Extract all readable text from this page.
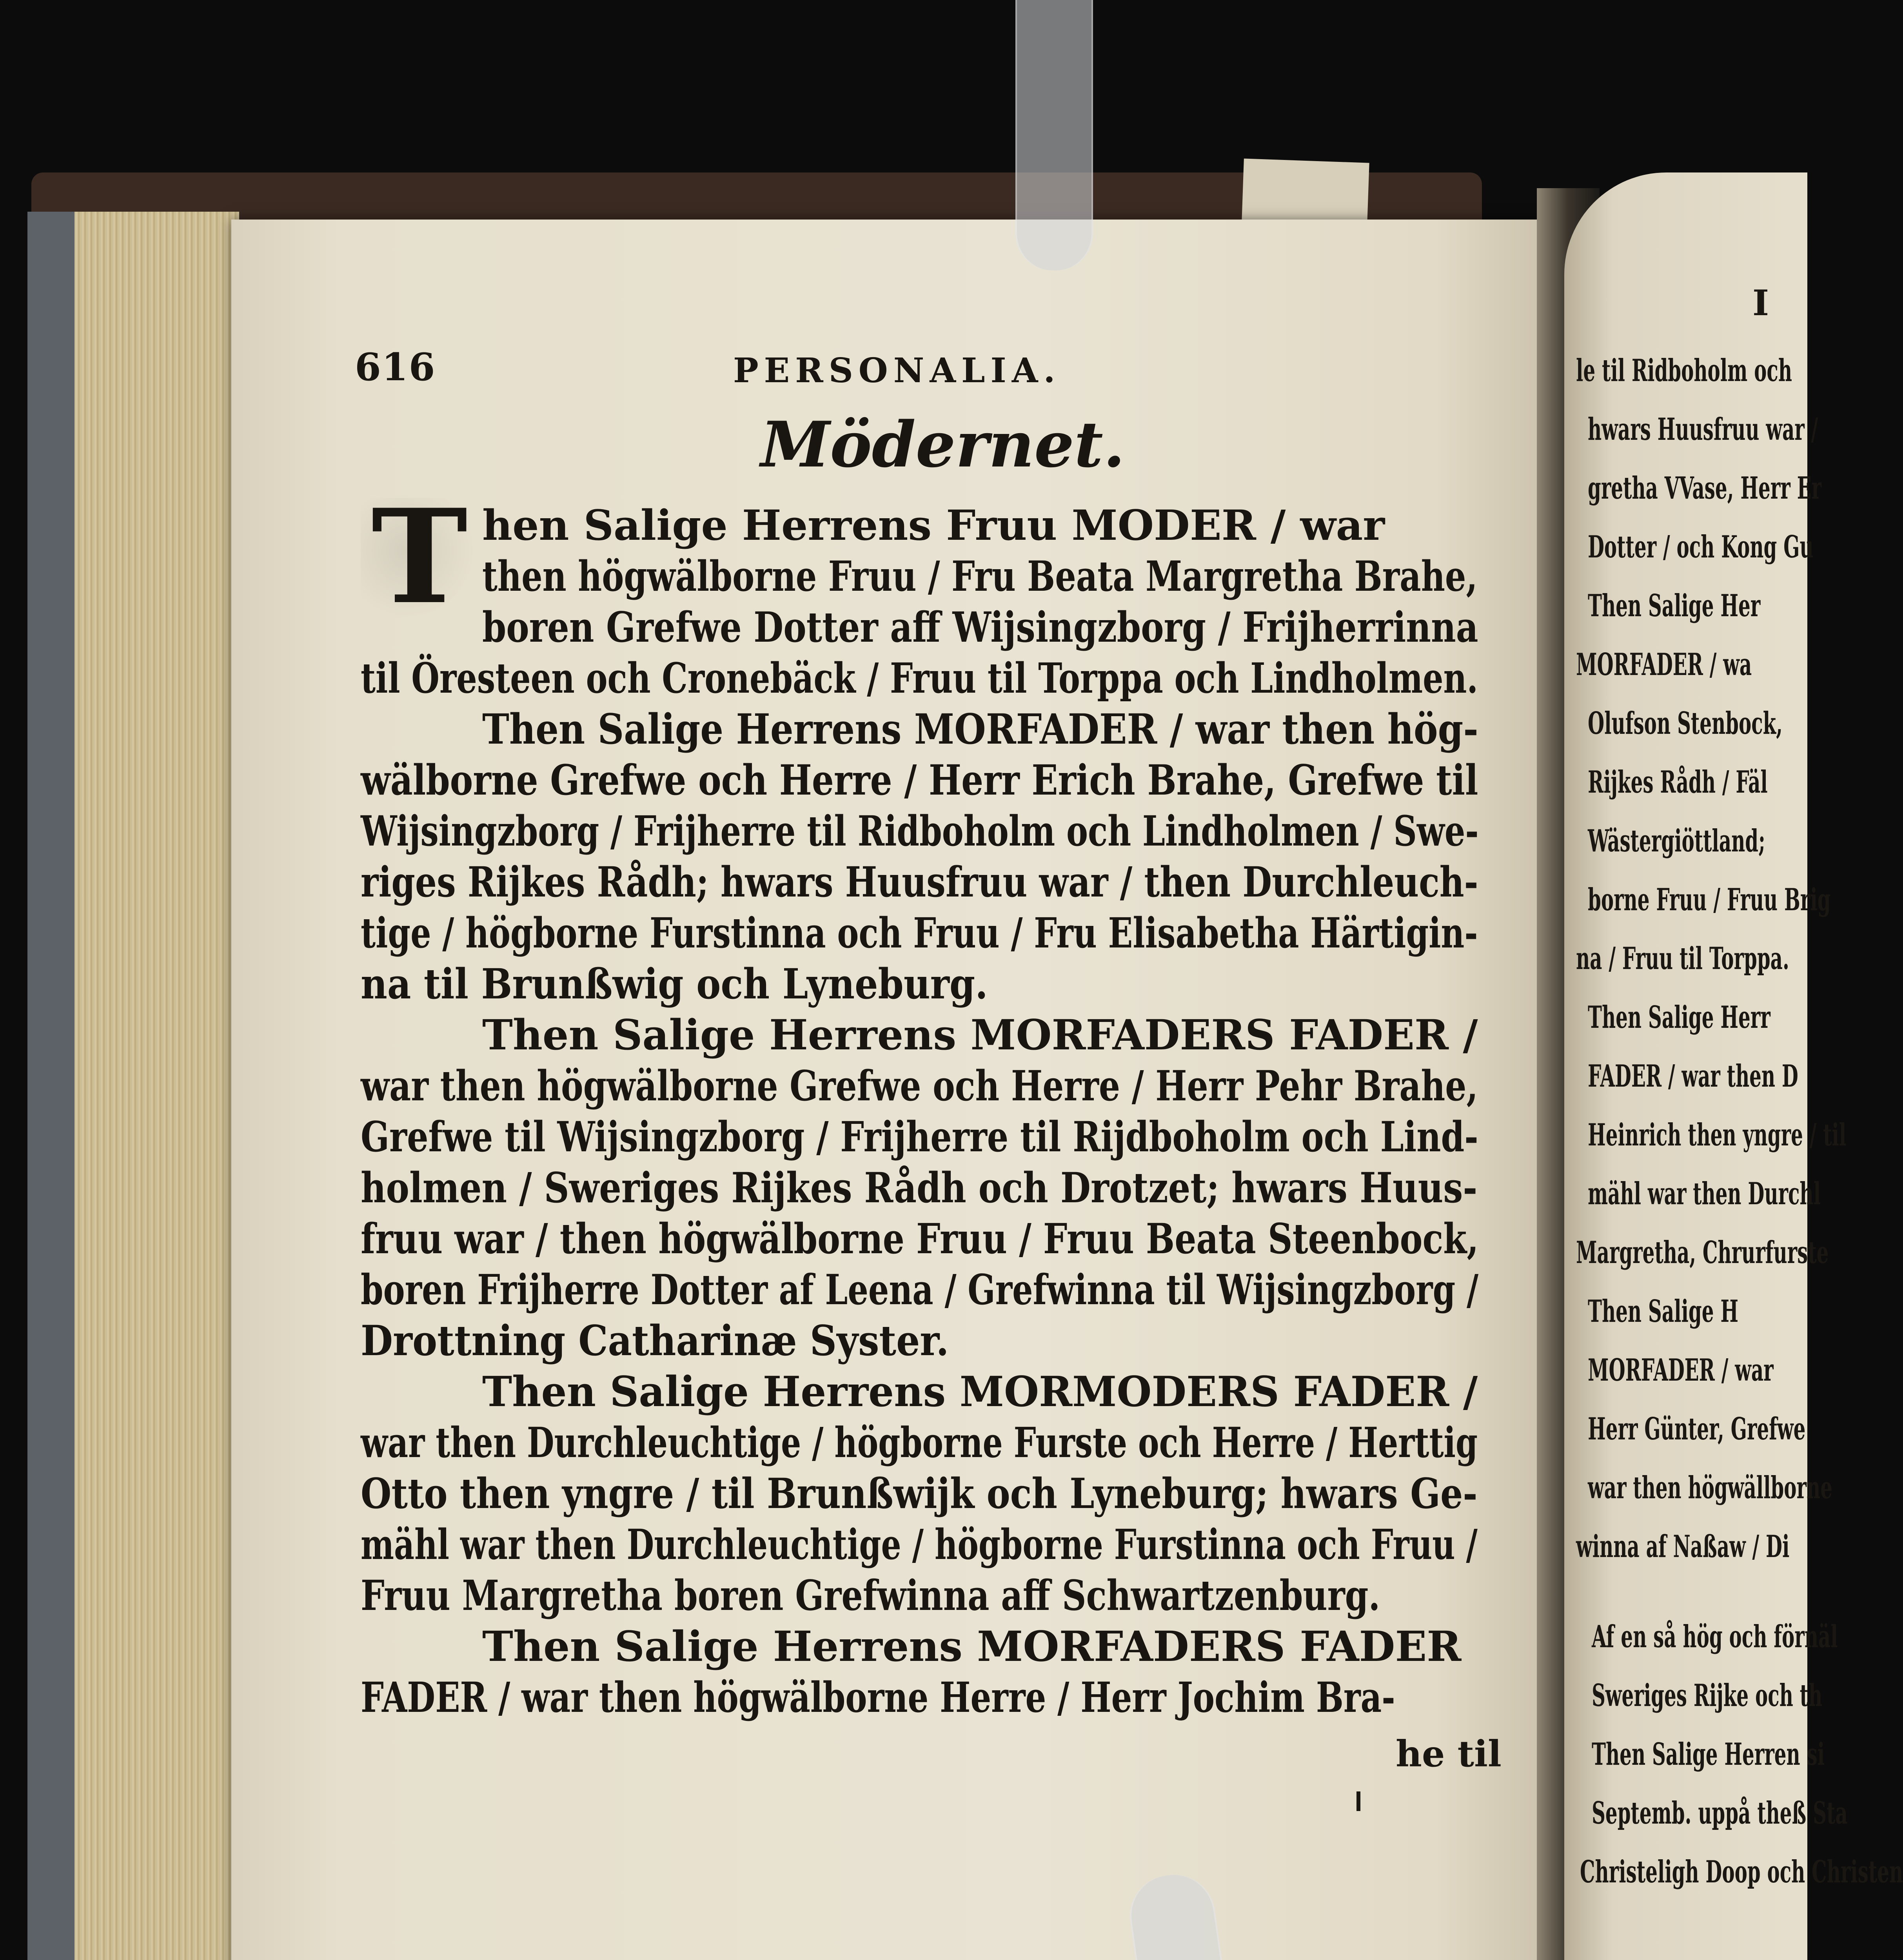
616	PERSONALIA.
Mödernet.
T hen Salige Herrens Fruu MODER / war
then högwälborne Fruu / Fru Beata Margretha Brahe,
boren Grefwe Dotter aff Wijsingzborg / Frijherrinna
til Öresteen och Cronebäck / Fruu til Torppa och Lindholmen.
Then Salige Herrens MORFADER / war then hög-
wälborne Grefwe och Herre / Herr Erich Brahe, Grefwe til
Wijsingzborg / Frijherre til Ridboholm och Lindholmen / Swe-
riges Rijkes Rådh; hwars Huusfruu war / then Durchleuch-
tige / högborne Furstinna och Fruu / Fru Elisabetha Härtigin-
na til Brunßwig och Lyneburg.
Then Salige Herrens MORFADERS FADER /
war then högwälborne Grefwe och Herre / Herr Pehr Brahe,
Grefwe til Wijsingzborg / Frijherre til Rijdboholm och Lind-
holmen / Sweriges Rijkes Rådh och Drotzet; hwars Huus-
fruu war / then högwälborne Fruu / Fruu Beata Steenbock,
boren Frijherre Dotter af Leena / Grefwinna til Wijsingzborg /
Drottning Catharinæ Syster.
Then Salige Herrens MORMODERS FADER /
war then Durchleuchtige / högborne Furste och Herre / Herttig
Otto then yngre / til Brunßwijk och Lyneburg; hwars Ge-
mähl war then Durchleuchtige / högborne Furstinna och Fruu /
Fruu Margretha boren Grefwinna aff Schwartzenburg.
Then Salige Herrens MORFADERS FADER
FADER / war then högwälborne Herre / Herr Jochim Bra-
he til
le til Ridboholm och
hwars Huusfruu war /
gretha VVase, Herr Er
Dotter / och Kong Gu
Then Salige Her
MORFADER / wa
Olufson Stenbock,
Rijkes Rådh / Fäl
Wästergiöttland;
borne Fruu / Fruu Brig
na / Fruu til Torppa.
Then Salige Herr
FADER / war then D
Heinrich then yngre / til
mähl war then Durchl
Margretha, Chrurfurste
Then Salige H
MORFADER / war
Herr Günter, Grefwe
war then högwällborne
winna af Naßaw / Di
Af en så hög och förnäl
Sweriges Rijke och th
Then Salige Herren si
Septemb. uppå theß Sta
Christeligh Doop och Christen
I
